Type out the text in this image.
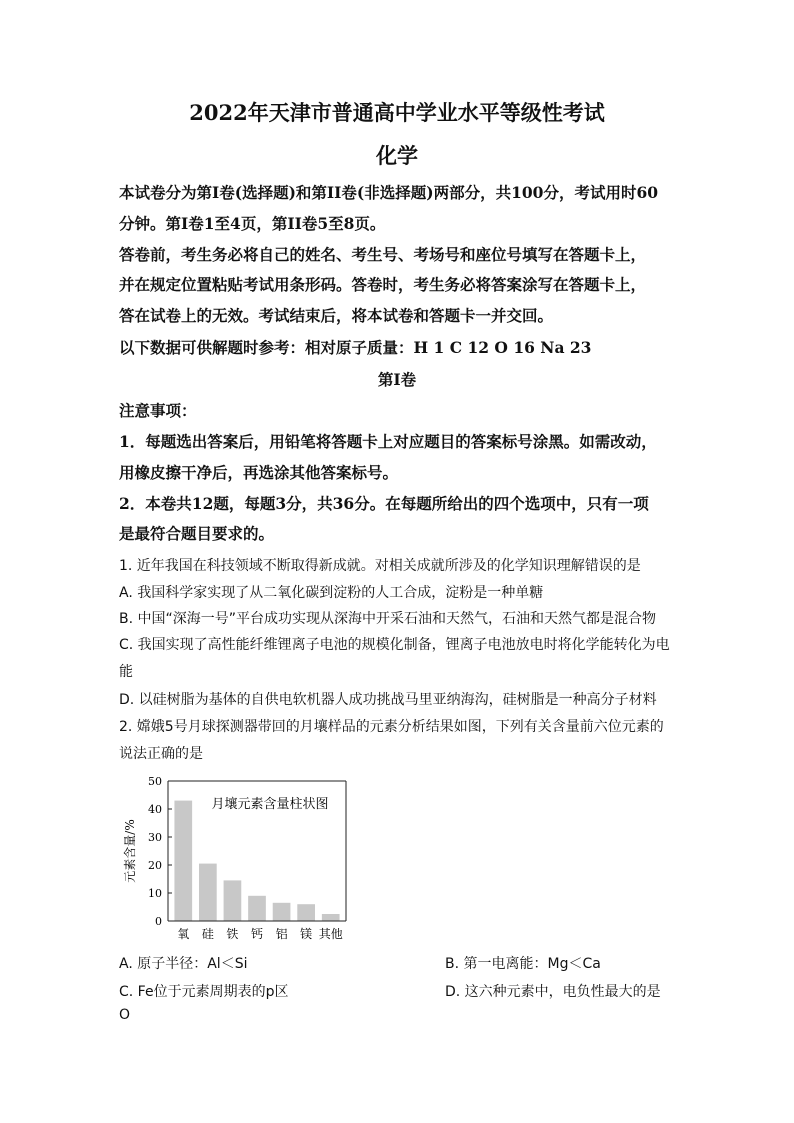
2022年天津市普通高中学业水平等级性考试
化学
本试卷分为第I卷(选择题)和第II卷(非选择题)两部分，共100分，考试用时60
分钟。第I卷1至4页，第II卷5至8页。
答卷前，考生务必将自己的姓名、考生号、考场号和座位号填写在答题卡上，
并在规定位置粘贴考试用条形码。答卷时，考生务必将答案涂写在答题卡上，
答在试卷上的无效。考试结束后，将本试卷和答题卡一并交回。
以下数据可供解题时参考：相对原子质量：H 1 C 12 O 16 Na 23
第I卷
注意事项：
1．每题选出答案后，用铅笔将答题卡上对应题目的答案标号涂黑。如需改动，
用橡皮擦干净后，再选涂其他答案标号。
2．本卷共12题，每题3分，共36分。在每题所给出的四个选项中，只有一项
是最符合题目要求的。
1. 近年我国在科技领域不断取得新成就。对相关成就所涉及的化学知识理解错误的是
A. 我国科学家实现了从二氧化碳到淀粉的人工合成，淀粉是一种单糖
B. 中国“深海一号”平台成功实现从深海中开采石油和天然气，石油和天然气都是混合物
C. 我国实现了高性能纤维锂离子电池的规模化制备，锂离子电池放电时将化学能转化为电
能
D. 以硅树脂为基体的自供电软机器人成功挑战马里亚纳海沟，硅树脂是一种高分子材料
2. 嫦娥5号月球探测器带回的月壤样品的元素分析结果如图，下列有关含量前六位元素的
说法正确的是
0
10
20
30
40
50
氧 硅 铁 钙 铝 镁 其他
月壤元素含量柱状图
元素含量/%
A. 原子半径：Al＜Si	B. 第一电离能：Mg＜Ca
C. Fe位于元素周期表的p区	D. 这六种元素中，电负性最大的是
O
